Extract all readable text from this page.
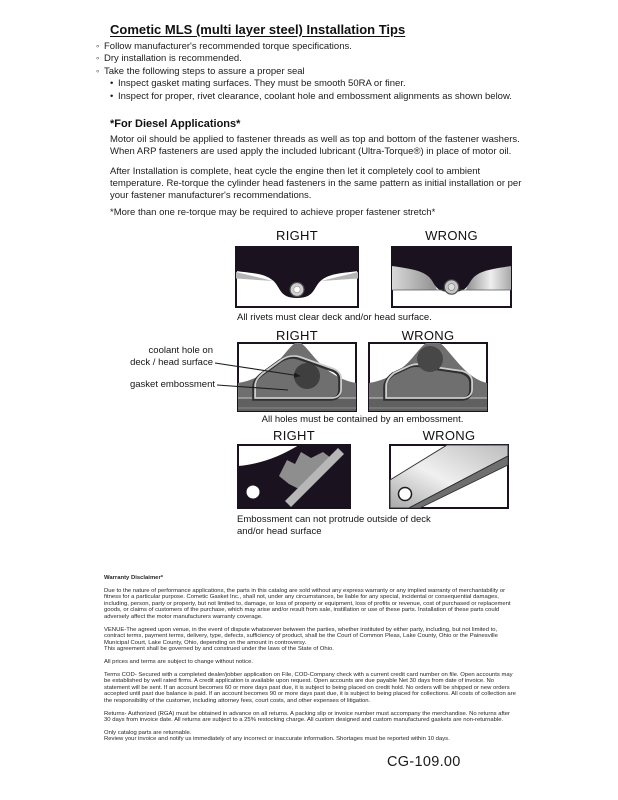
Cometic MLS (multi layer steel) Installation Tips
◦ Follow manufacturer's recommended torque specifications.
◦ Dry installation is recommended.
◦ Take the following steps to assure a proper seal
• Inspect gasket mating surfaces. They must be smooth 50RA or finer.
• Inspect for proper, rivet clearance, coolant hole and embossment alignments as shown below.
*For Diesel Applications*
Motor oil should be applied to fastener threads as well as top and bottom of the fastener washers. When ARP fasteners are used apply the included lubricant (Ultra-Torque®) in place of motor oil.
After Installation is complete, heat cycle the engine then let it completely cool to ambient temperature. Re-torque the cylinder head fasteners in the same pattern as initial installation or per your fastener manufacturer's recommendations.
*More than one re-torque may be required to achieve proper fastener stretch*
RIGHT	WRONG
All rivets must clear deck and/or head surface.
RIGHT	WRONG
coolant hole on
deck / head surface
gasket embossment
All holes must be contained by an embossment.
RIGHT	WRONG
Embossment can not protrude outside of deck
and/or head surface

Warranty Disclaimer*

Due to the nature of performance applications, the parts in this catalog are sold without any express warranty or any implied warranty of merchantability or fitness for a particular purpose. Cometic Gasket Inc., shall not, under any circumstances, be liable for any special, incidental or consequential damages, including, person, party or property, but not limited to, damage, or loss of property or equipment, loss of profits or revenue, cost of purchased or replacement goods, or claims of customers of the purchase, which may arise and/or result from sale, instillation or use of these parts. Installation of these parts could adversely affect the motor manufacturers warranty coverage.

VENUE-The agreed upon venue, in the event of dispute whatsoever between the parties, whether instituted by either party, including, but not limited to, contract terms, payment terms, delivery, type, defects, sufficiency of product, shall be the Court of Common Pleas, Lake County, Ohio or the Painesville Municipal Court, Lake County, Ohio, depending on the amount in controversy.

This agreement shall be governed by and construed under the laws of the State of Ohio.

All prices and terms are subject to change without notice.

Terms COD- Secured with a completed dealer/jobber application on File, COD-Company check with a current credit card number on file. Open accounts may be established by well rated firms. A credit application is available upon request. Open accounts are due payable Net 30 days from date of invoice. No statement will be sent. If an account becomes 60 or more days past due, it is subject to being placed on credit hold. No orders will be shipped or new orders accepted until past due balance is paid. If an account becomes 90 or more days past due, it is subject to being placed for collections. All costs of collection are the responsibility of the customer, including attorney fees, court costs, and other expenses of litigation.

Returns- Authorized (RGA) must be obtained in advance on all returns. A packing slip or invoice number must accompany the merchandise. No returns after 30 days from invoice date. All returns are subject to a 25% restocking charge. All custom designed and custom manufactured gaskets are non-returnable.

Only catalog parts are returnable.

Review your invoice and notify us immediately of any incorrect or inaccurate information. Shortages must be reported within 10 days.

CG-109.00
